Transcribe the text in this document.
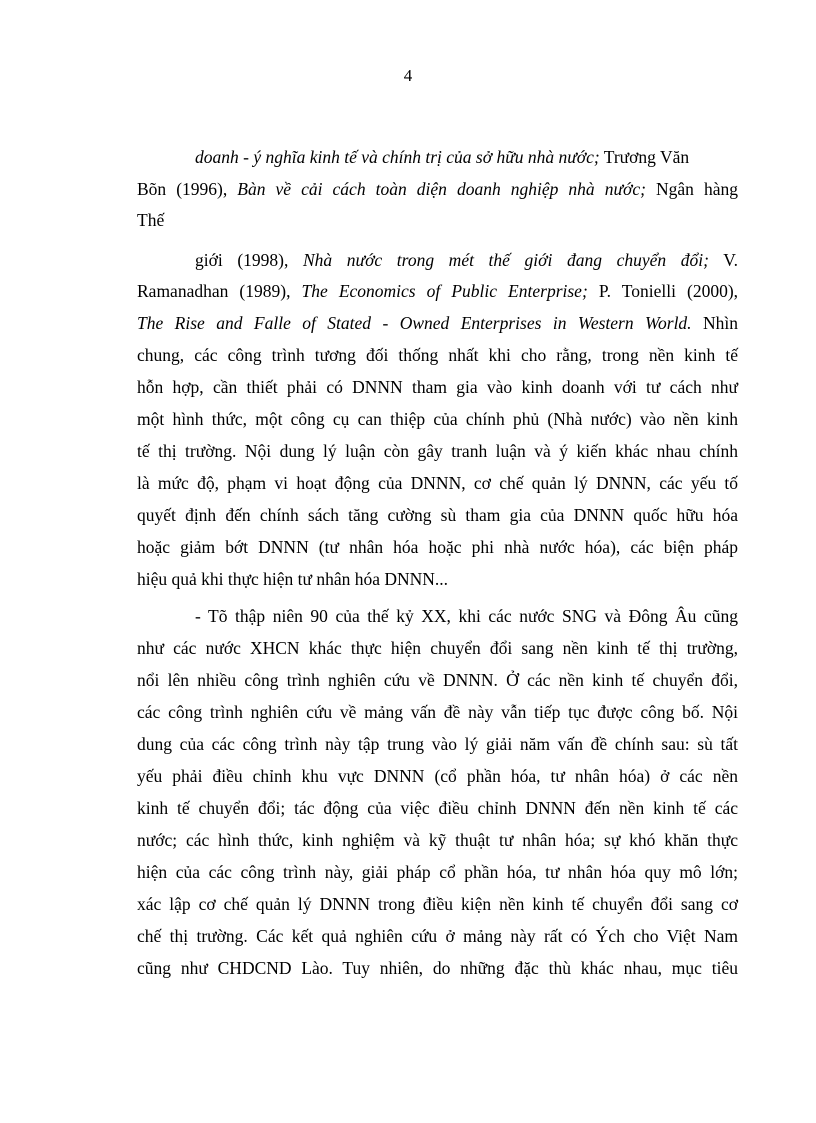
4
doanh - ý nghĩa kinh tế và chính trị của sở hữu nhà nước; Trương Văn
Bõn (1996), Bàn về cải cách toàn diện doanh nghiệp nhà nước; Ngân hàng
Thế
giới (1998), Nhà nước trong mét thế giới đang chuyển đổi; V.
Ramanadhan (1989), The Economics of Public Enterprise; P. Tonielli (2000),
The Rise and Falle of Stated - Owned Enterprises in Western World. Nhìn
chung, các công trình tương đối thống nhất khi cho rằng, trong nền kinh tế
hỗn hợp, cần thiết phải có DNNN tham gia vào kinh doanh với tư cách như
một hình thức, một công cụ can thiệp của chính phủ (Nhà nước) vào nền kinh
tế thị trường. Nội dung lý luận còn gây tranh luận và ý kiến khác nhau chính
là mức độ, phạm vi hoạt động của DNNN, cơ chế quản lý DNNN, các yếu tố
quyết định đến chính sách tăng cường sù tham gia của DNNN quốc hữu hóa
hoặc giảm bớt DNNN (tư nhân hóa hoặc phi nhà nước hóa), các biện pháp
hiệu quả khi thực hiện tư nhân hóa DNNN...
- Tõ thập niên 90 của thế kỷ XX, khi các nước SNG và Đông Âu cũng
như các nước XHCN khác thực hiện chuyển đổi sang nền kinh tế thị trường,
nổi lên nhiều công trình nghiên cứu về DNNN. Ở các nền kinh tế chuyển đổi,
các công trình nghiên cứu về mảng vấn đề này vẫn tiếp tục được công bố. Nội
dung của các công trình này tập trung vào lý giải năm vấn đề chính sau: sù tất
yếu phải điều chỉnh khu vực DNNN (cổ phần hóa, tư nhân hóa) ở các nền
kinh tế chuyển đổi; tác động của việc điều chỉnh DNNN đến nền kinh tế các
nước; các hình thức, kinh nghiệm và kỹ thuật tư nhân hóa; sự khó khăn thực
hiện của các công trình này, giải pháp cổ phần hóa, tư nhân hóa quy mô lớn;
xác lập cơ chế quản lý DNNN trong điều kiện nền kinh tế chuyển đổi sang cơ
chế thị trường. Các kết quả nghiên cứu ở mảng này rất có Ých cho Việt Nam
cũng như CHDCND Lào. Tuy nhiên, do những đặc thù khác nhau, mục tiêu
